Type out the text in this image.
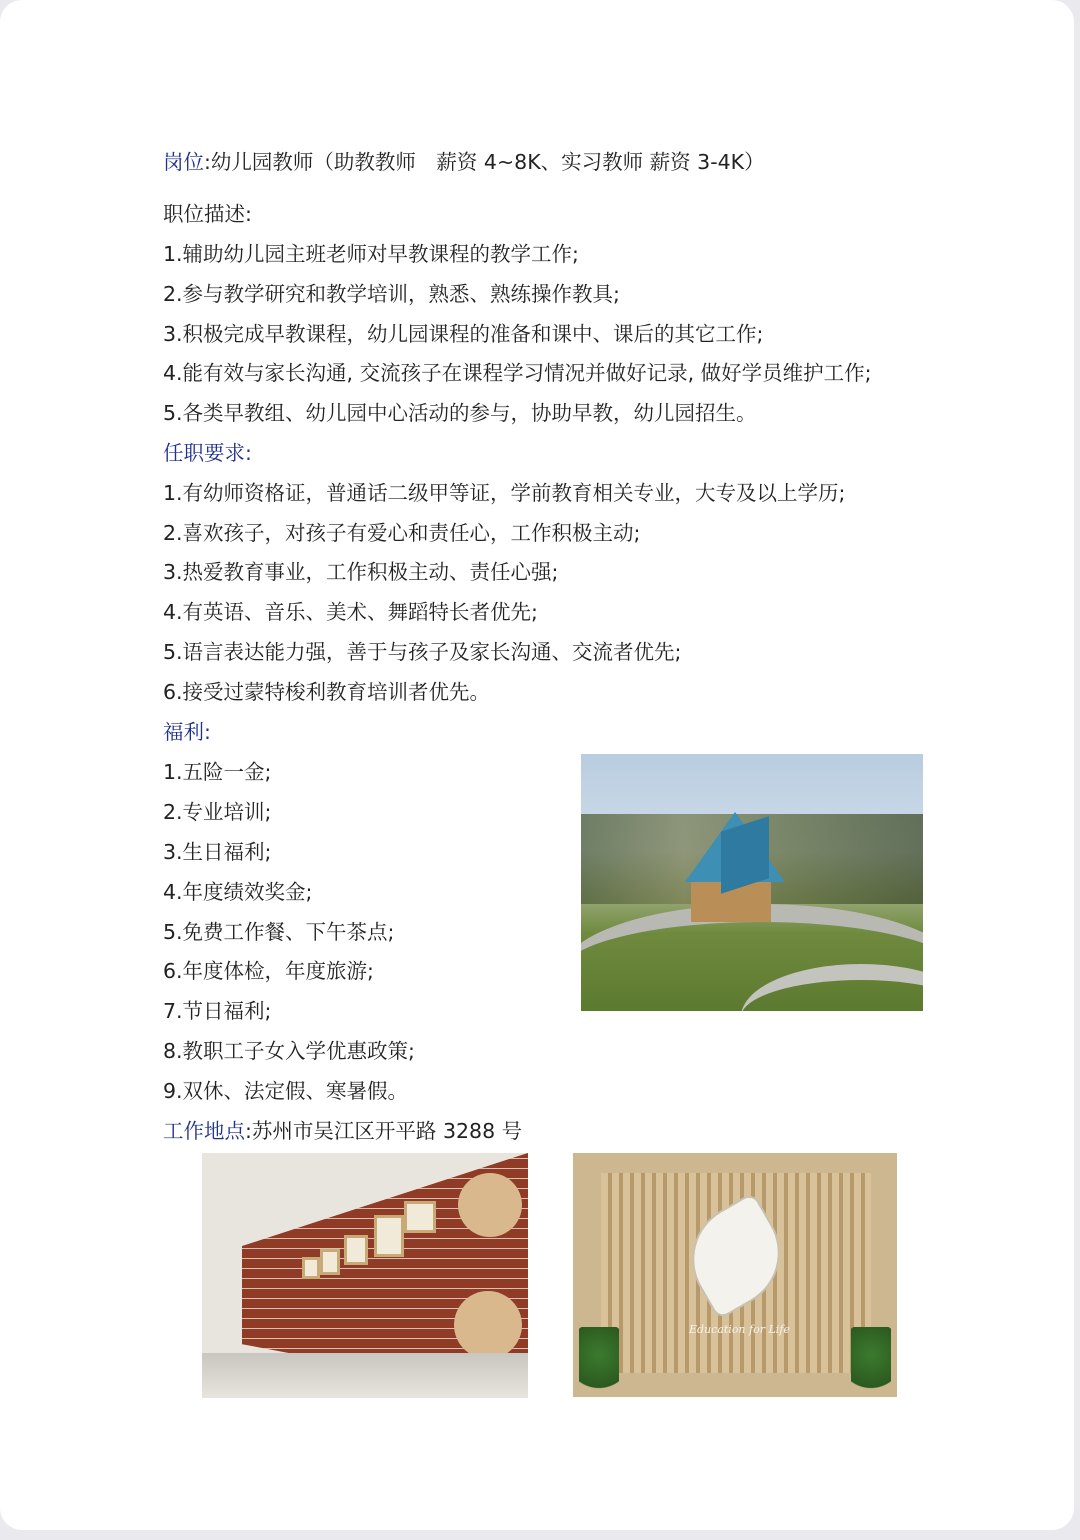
岗位:幼儿园教师（助教教师　薪资 4~8K、实习教师 薪资 3-4K）
职位描述:
1.辅助幼儿园主班老师对早教课程的教学工作;
2.参与教学研究和教学培训，熟悉、熟练操作教具;
3.积极完成早教课程，幼儿园课程的准备和课中、课后的其它工作;
4.能有效与家长沟通, 交流孩子在课程学习情况并做好记录, 做好学员维护工作;
5.各类早教组、幼儿园中心活动的参与，协助早教，幼儿园招生。
任职要求:
1.有幼师资格证，普通话二级甲等证，学前教育相关专业，大专及以上学历;
2.喜欢孩子，对孩子有爱心和责任心，工作积极主动;
3.热爱教育事业，工作积极主动、责任心强;
4.有英语、音乐、美术、舞蹈特长者优先;
5.语言表达能力强，善于与孩子及家长沟通、交流者优先;
6.接受过蒙特梭利教育培训者优先。
福利:
1.五险一金;
2.专业培训;
3.生日福利;
4.年度绩效奖金;
5.免费工作餐、下午茶点;
6.年度体检，年度旅游;
7.节日福利;
8.教职工子女入学优惠政策;
9.双休、法定假、寒暑假。
工作地点:苏州市吴江区开平路 3288 号
Education for Life
